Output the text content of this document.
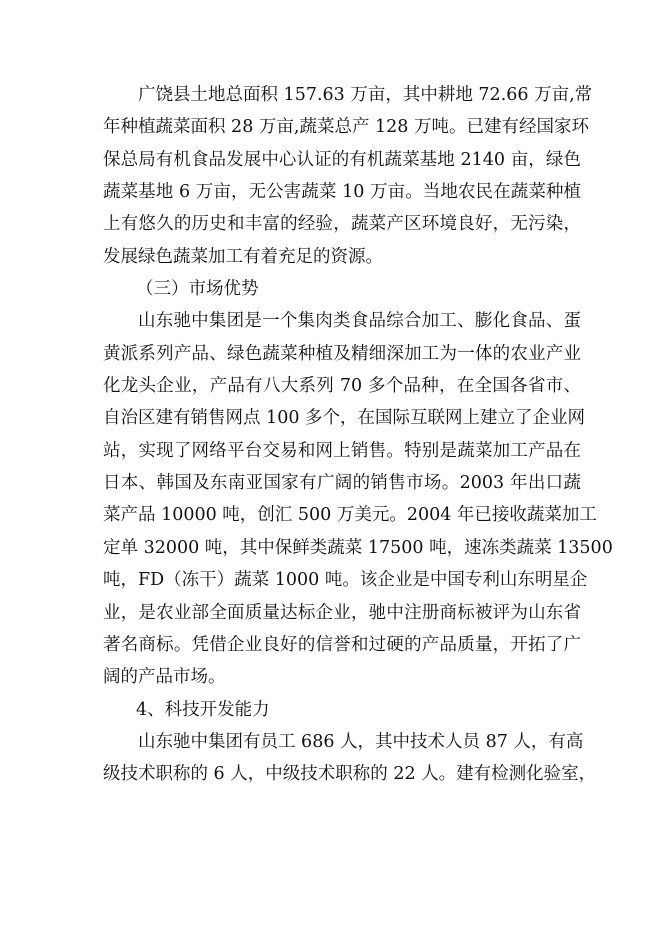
广饶县土地总面积 157.63 万亩，其中耕地 72.66 万亩,常
年种植蔬菜面积 28 万亩,蔬菜总产 128 万吨。已建有经国家环
保总局有机食品发展中心认证的有机蔬菜基地 2140 亩，绿色
蔬菜基地 6 万亩，无公害蔬菜 10 万亩。当地农民在蔬菜种植
上有悠久的历史和丰富的经验，蔬菜产区环境良好，无污染，
发展绿色蔬菜加工有着充足的资源。
（三）市场优势
山东驰中集团是一个集肉类食品综合加工、膨化食品、蛋
黄派系列产品、绿色蔬菜种植及精细深加工为一体的农业产业
化龙头企业，产品有八大系列 70 多个品种，在全国各省市、
自治区建有销售网点 100 多个，在国际互联网上建立了企业网
站，实现了网络平台交易和网上销售。特别是蔬菜加工产品在
日本、韩国及东南亚国家有广阔的销售市场。2003 年出口蔬
菜产品 10000 吨，创汇 500 万美元。2004 年已接收蔬菜加工
定单 32000 吨，其中保鲜类蔬菜 17500 吨，速冻类蔬菜 13500
吨，FD（冻干）蔬菜 1000 吨。该企业是中国专利山东明星企
业，是农业部全面质量达标企业，驰中注册商标被评为山东省
著名商标。凭借企业良好的信誉和过硬的产品质量，开拓了广
阔的产品市场。
4、科技开发能力
山东驰中集团有员工 686 人，其中技术人员 87 人，有高
级技术职称的 6 人，中级技术职称的 22 人。建有检测化验室，
